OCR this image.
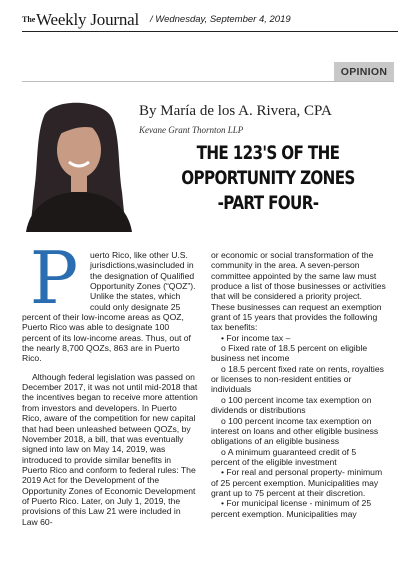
The Weekly Journal / Wednesday, September 4, 2019
OPINION
By María de los A. Rivera, CPA
Kevane Grant Thornton LLP
THE 123'S OF THE
OPPORTUNITY ZONES
-PART FOUR-

P	uerto Rico, like other U.S. jurisdictions,wasincluded in the designation of Qualified Opportunity Zones (“QOZ”). Unlike the states, which could only designate 25 percent of their low-income areas as QOZ, Puerto Rico was able to designate 100 percent of its low-income areas. Thus, out of the nearly 8,700 QOZs, 863 are in Puerto Rico.

Although federal legislation was passed on December 2017, it was not until mid-2018 that the incentives began to receive more attention from investors and developers. In Puerto Rico, aware of the competition for new capital that had been unleashed between QOZs, by November 2018, a bill, that was eventually signed into law on May 14, 2019, was introduced to provide similar benefits in Puerto Rico and conform to federal rules: The 2019 Act for the Development of the Opportunity Zones of Economic Development of Puerto Rico. Later, on July 1, 2019, the provisions of this Law 21 were included in Law 60-

or economic or social transformation of the community in the area. A seven-person committee appointed by the same law must produce a list of those businesses or activities that will be considered a priority project. These businesses can request an exemption grant of 15 years that provides the following tax benefits:

• For income tax –

o Fixed rate of 18.5 percent on eligible business net income

o 18.5 percent fixed rate on rents, royalties or licenses to non-resident entities or individuals

o 100 percent income tax exemption on dividends or distributions

o 100 percent income tax exemption on interest on loans and other eligible business obligations of an eligible business

o A minimum guaranteed credit of 5 percent of the eligible investment

• For real and personal property- minimum of 25 percent exemption. Municipalities may grant up to 75 percent at their discretion.

• For municipal license - minimum of 25 percent exemption. Municipalities may
